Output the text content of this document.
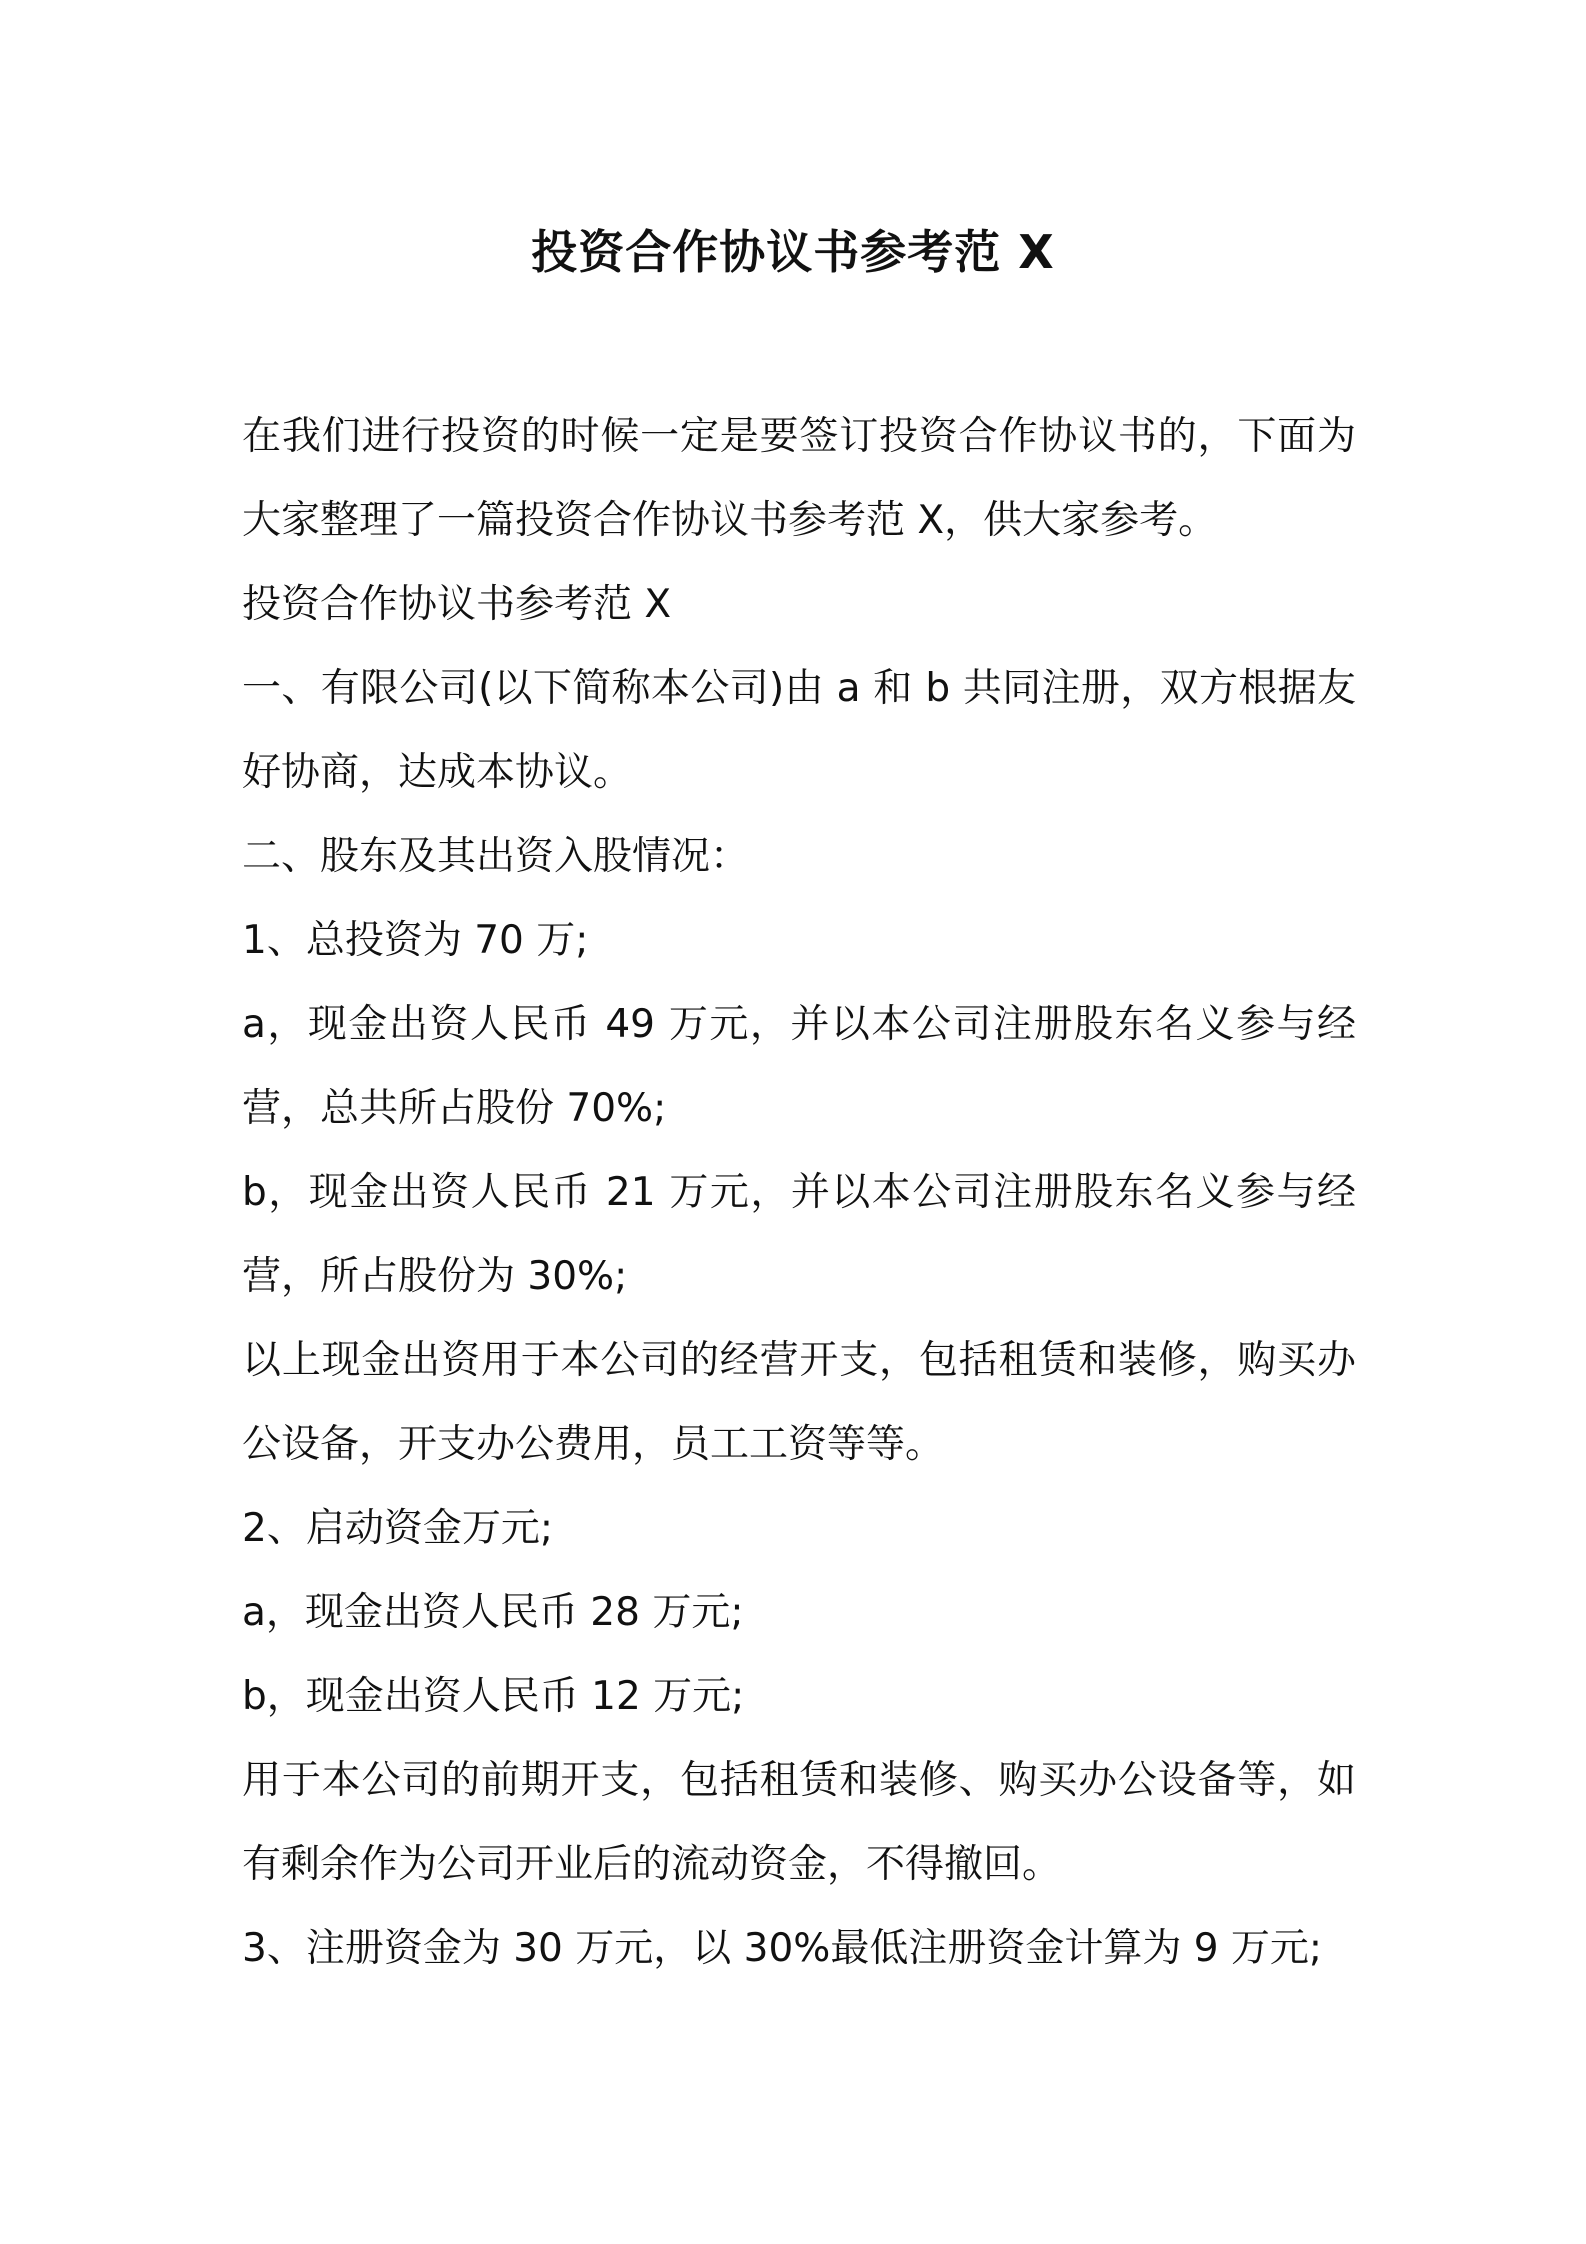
投资合作协议书参考范 X
在我们进行投资的时候一定是要签订投资合作协议书的，下面为
大家整理了一篇投资合作协议书参考范 X，供大家参考。
投资合作协议书参考范 X
一、有限公司(以下简称本公司)由 a 和 b 共同注册，双方根据友
好协商，达成本协议。
二、股东及其出资入股情况：
1、总投资为 70 万;
a，现金出资人民币 49 万元，并以本公司注册股东名义参与经
营，总共所占股份 70%;
b，现金出资人民币 21 万元，并以本公司注册股东名义参与经
营，所占股份为 30%;
以上现金出资用于本公司的经营开支，包括租赁和装修，购买办
公设备，开支办公费用，员工工资等等。
2、启动资金万元;
a，现金出资人民币 28 万元;
b，现金出资人民币 12 万元;
用于本公司的前期开支，包括租赁和装修、购买办公设备等，如
有剩余作为公司开业后的流动资金，不得撤回。
3、注册资金为 30 万元，以 30%最低注册资金计算为 9 万元;
